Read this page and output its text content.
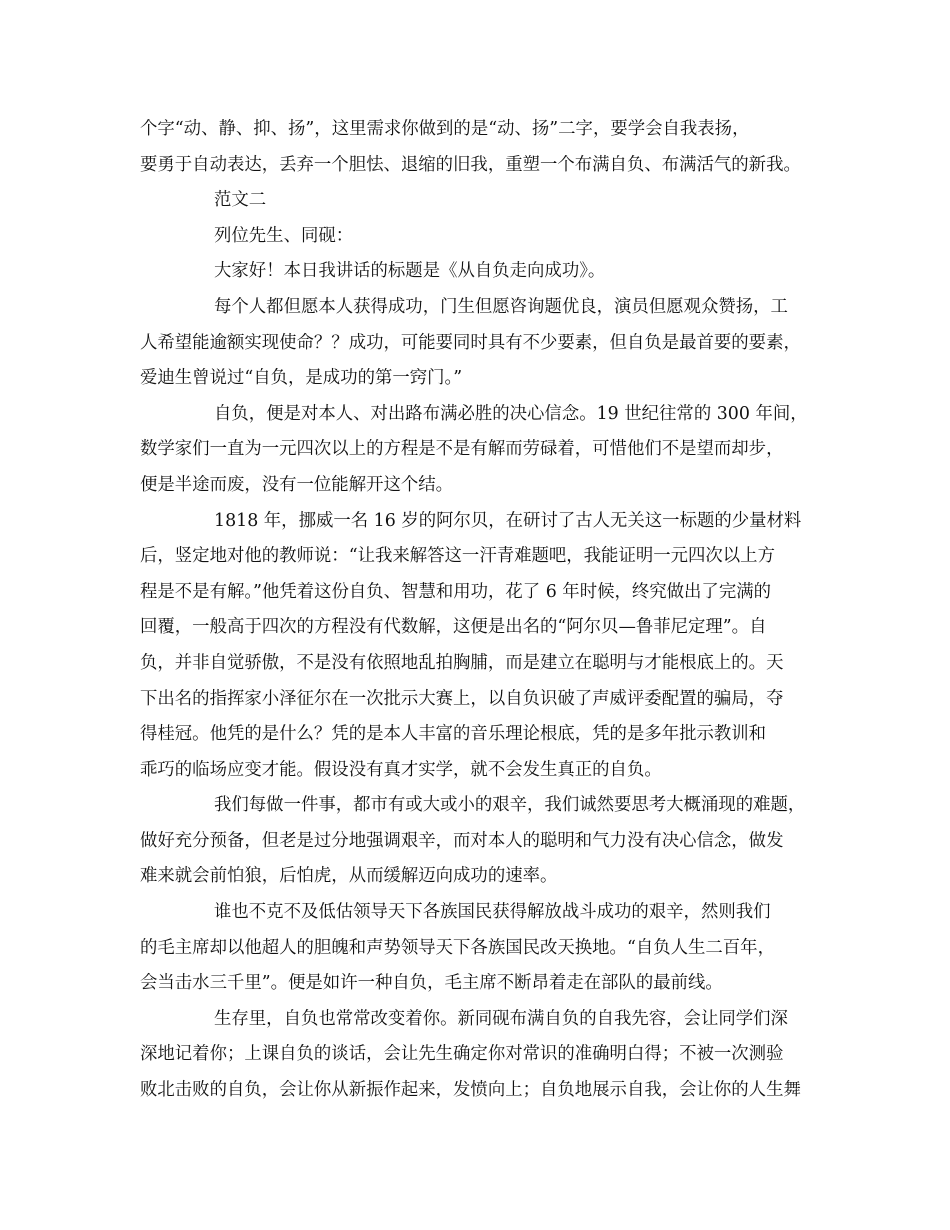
个字“动、静、抑、扬”，这里需求你做到的是“动、扬”二字，要学会自我表扬，
要勇于自动表达，丢弃一个胆怯、退缩的旧我，重塑一个布满自负、布满活气的新我。
范文二
列位先生、同砚：
大家好！本日我讲话的标题是《从自负走向成功》。
每个人都但愿本人获得成功，门生但愿咨询题优良，演员但愿观众赞扬，工
人希望能逾额实现使命？？成功，可能要同时具有不少要素，但自负是最首要的要素，
爱迪生曾说过“自负，是成功的第一窍门。”
自负，便是对本人、对出路布满必胜的决心信念。19 世纪往常的 300 年间，
数学家们一直为一元四次以上的方程是不是有解而劳碌着，可惜他们不是望而却步，
便是半途而废，没有一位能解开这个结。
1818 年，挪威一名 16 岁的阿尔贝，在研讨了古人无关这一标题的少量材料
后，竖定地对他的教师说：“让我来解答这一汗青难题吧，我能证明一元四次以上方
程是不是有解。”他凭着这份自负、智慧和用功，花了 6 年时候，终究做出了完满的
回覆，一般高于四次的方程没有代数解，这便是出名的“阿尔贝—鲁菲尼定理”。自
负，并非自觉骄傲，不是没有依照地乱拍胸脯，而是建立在聪明与才能根底上的。天
下出名的指挥家小泽征尔在一次批示大赛上，以自负识破了声威评委配置的骗局，夺
得桂冠。他凭的是什么？凭的是本人丰富的音乐理论根底，凭的是多年批示教训和
乖巧的临场应变才能。假设没有真才实学，就不会发生真正的自负。
我们每做一件事，都市有或大或小的艰辛，我们诚然要思考大概涌现的难题，
做好充分预备，但老是过分地强调艰辛，而对本人的聪明和气力没有决心信念，做发
难来就会前怕狼，后怕虎，从而缓解迈向成功的速率。
谁也不克不及低估领导天下各族国民获得解放战斗成功的艰辛，然则我们
的毛主席却以他超人的胆魄和声势领导天下各族国民改天换地。“自负人生二百年，
会当击水三千里”。便是如许一种自负，毛主席不断昂着走在部队的最前线。
生存里，自负也常常改变着你。新同砚布满自负的自我先容，会让同学们深
深地记着你；上课自负的谈话，会让先生确定你对常识的准确明白得；不被一次测验
败北击败的自负，会让你从新振作起来，发愤向上；自负地展示自我，会让你的人生舞
